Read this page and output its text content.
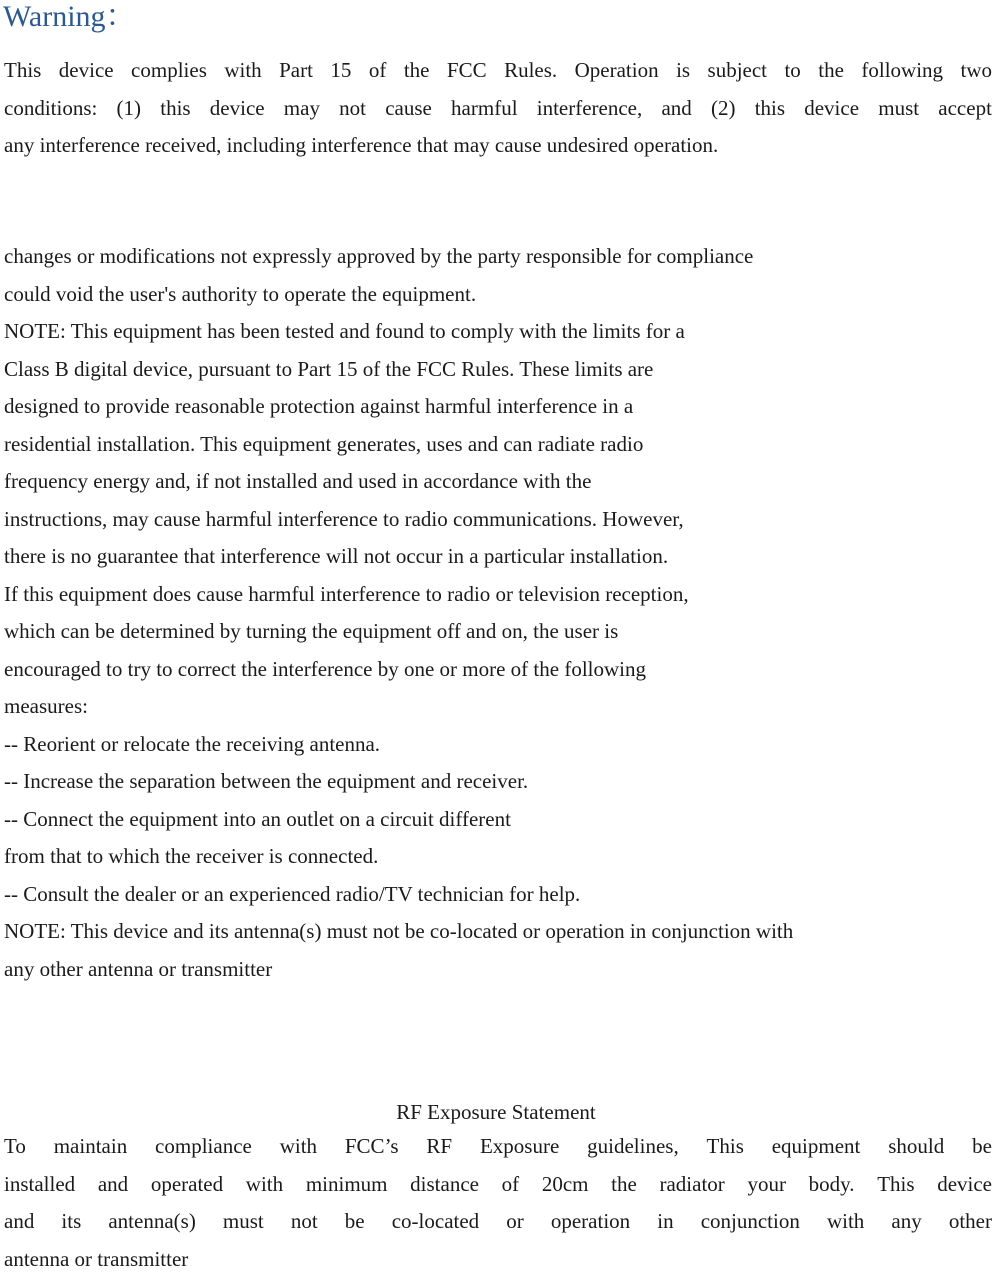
Warning：
This device complies with Part 15 of the FCC Rules. Operation is subject to the following two
conditions: (1) this device may not cause harmful interference, and (2) this device must accept
any interference received, including interference that may cause undesired operation.
changes or modifications not expressly approved by the party responsible for compliance
could void the user's authority to operate the equipment.
NOTE: This equipment has been tested and found to comply with the limits for a
Class B digital device, pursuant to Part 15 of the FCC Rules. These limits are
designed to provide reasonable protection against harmful interference in a
residential installation. This equipment generates, uses and can radiate radio
frequency energy and, if not installed and used in accordance with the
instructions, may cause harmful interference to radio communications. However,
there is no guarantee that interference will not occur in a particular installation.
If this equipment does cause harmful interference to radio or television reception,
which can be determined by turning the equipment off and on, the user is
encouraged to try to correct the interference by one or more of the following
measures:
-- Reorient or relocate the receiving antenna.
-- Increase the separation between the equipment and receiver.
-- Connect the equipment into an outlet on a circuit different
from that to which the receiver is connected.
-- Consult the dealer or an experienced radio/TV technician for help.
NOTE: This device and its antenna(s) must not be co-located or operation in conjunction with
any other antenna or transmitter
RF Exposure Statement
To maintain compliance with FCC’s RF Exposure guidelines, This equipment should be
installed and operated with minimum distance of 20cm the radiator your body. This device
and its antenna(s) must not be co-located or operation in conjunction with any other
antenna or transmitter
